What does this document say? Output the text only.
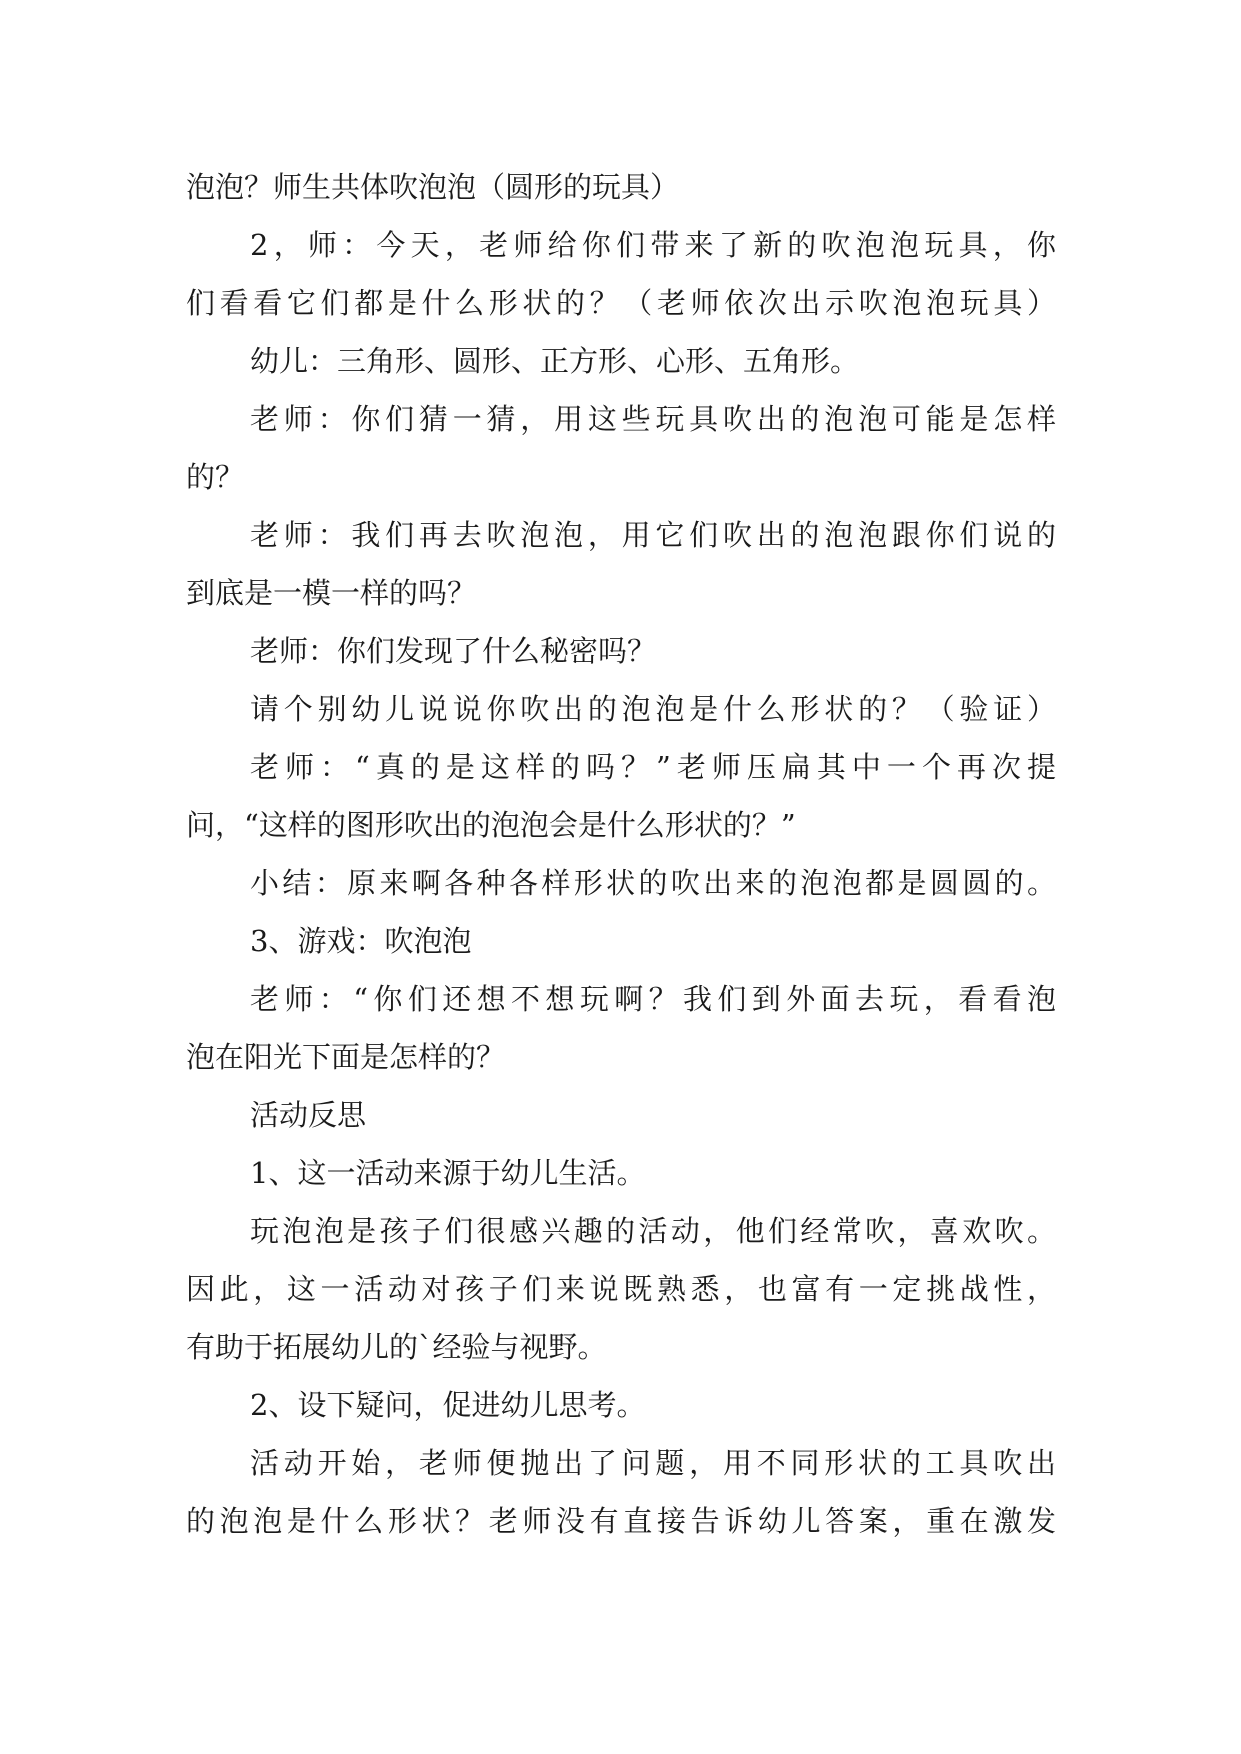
泡泡？师生共体吹泡泡（圆形的玩具）
2，师：今天，老师给你们带来了新的吹泡泡玩具，你
们看看它们都是什么形状的？（老师依次出示吹泡泡玩具）
幼儿：三角形、圆形、正方形、心形、五角形。
老师：你们猜一猜，用这些玩具吹出的泡泡可能是怎样
的？
老师：我们再去吹泡泡，用它们吹出的泡泡跟你们说的
到底是一模一样的吗？
老师：你们发现了什么秘密吗？
请个别幼儿说说你吹出的泡泡是什么形状的？（验证）
老师：“真的是这样的吗？”老师压扁其中一个再次提
问，“这样的图形吹出的泡泡会是什么形状的？”
小结：原来啊各种各样形状的吹出来的泡泡都是圆圆的。
3、游戏：吹泡泡
老师：“你们还想不想玩啊？我们到外面去玩，看看泡
泡在阳光下面是怎样的？
活动反思
1、这一活动来源于幼儿生活。
玩泡泡是孩子们很感兴趣的活动，他们经常吹，喜欢吹。
因此，这一活动对孩子们来说既熟悉，也富有一定挑战性，
有助于拓展幼儿的`经验与视野。
2、设下疑问，促进幼儿思考。
活动开始，老师便抛出了问题，用不同形状的工具吹出
的泡泡是什么形状？老师没有直接告诉幼儿答案，重在激发
